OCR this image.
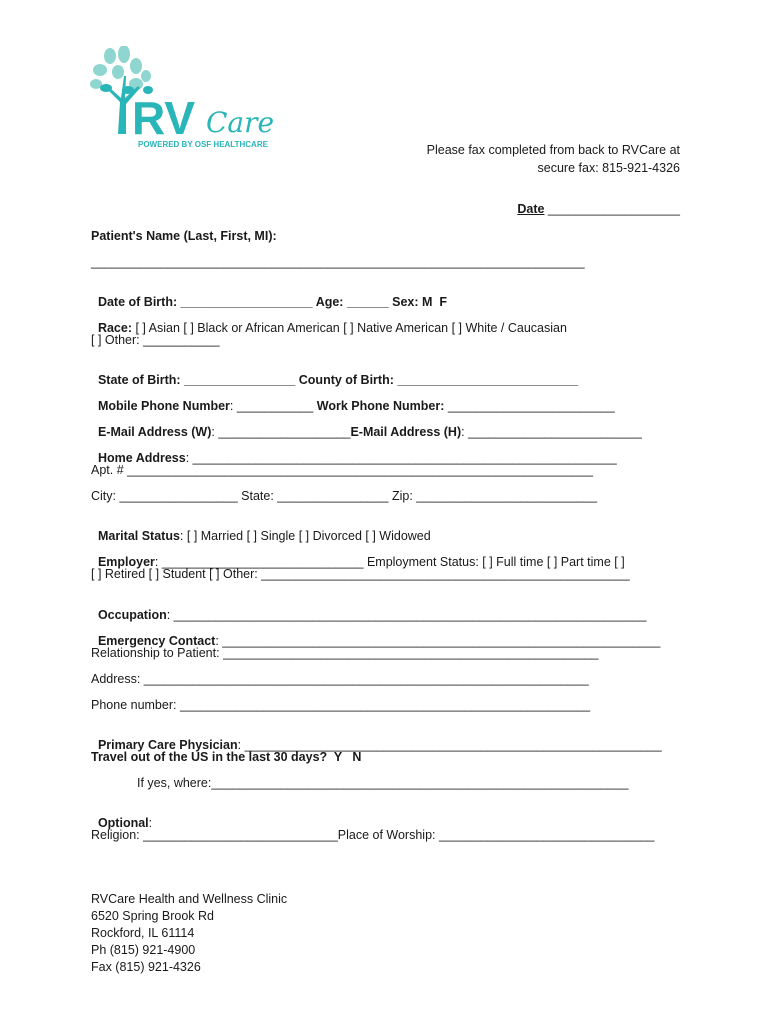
RV Care
POWERED BY OSF HEALTHCARE	Please fax completed from back to RVCare at
secure fax: 815-921-4326
Date ___________________
Patient's Name (Last, First, MI):
_______________________________________________________________________

Date of Birth: ___________________ Age: ______ Sex: M  F

Race: [ ] Asian [ ] Black or African American [ ] Native American [ ] White / Caucasian

[ ] Other: ___________

State of Birth: ________________ County of Birth: __________________________

Mobile Phone Number: ___________ Work Phone Number: ________________________

E-Mail Address (W): ___________________E-Mail Address (H): _________________________

Home Address: _____________________________________________________________

Apt. # ___________________________________________________________________
City: _________________ State: ________________ Zip: __________________________

Marital Status: [ ] Married [ ] Single [ ] Divorced [ ] Widowed

Employer: _____________________________ Employment Status: [ ] Full time [ ] Part time [ ]

[ ] Retired [ ] Student [ ] Other: _____________________________________________________

Occupation: ____________________________________________________________________

Emergency Contact: _______________________________________________________________

Relationship to Patient: ______________________________________________________
Address: ________________________________________________________________
Phone number: ___________________________________________________________

Primary Care Physician: ____________________________________________________________

Travel out of the US in the last 30 days?  Y   N
If yes, where:____________________________________________________________

Optional:

Religion: ____________________________Place of Worship: _______________________________
RVCare Health and Wellness Clinic
6520 Spring Brook Rd
Rockford, IL 61114
Ph (815) 921-4900
Fax (815) 921-4326
